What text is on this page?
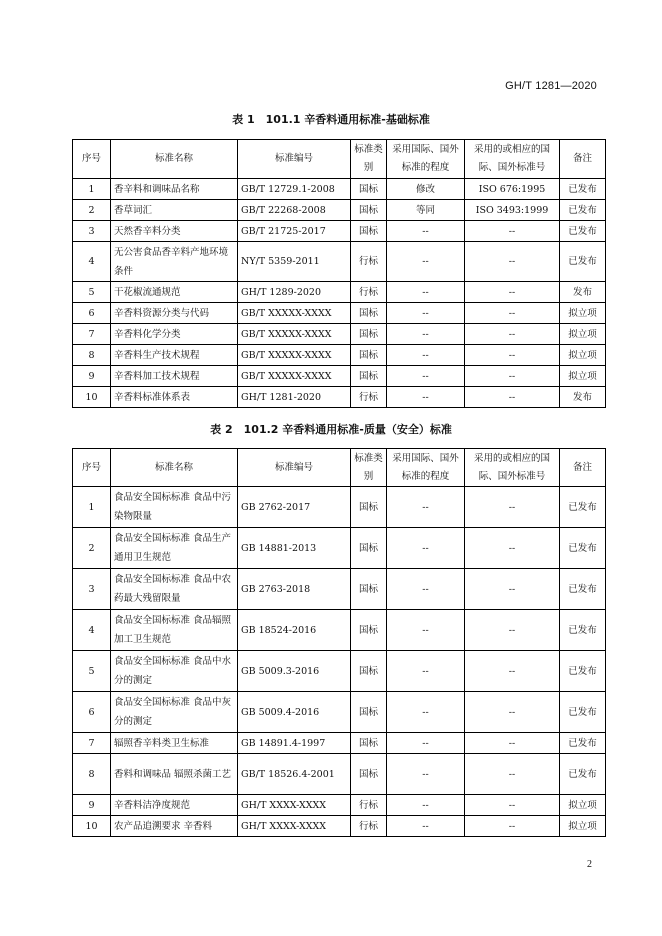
GH/T 1281—2020
表 1　101.1 辛香料通用标准-基础标准
序号	标准名称	标准编号	标准类别	采用国际、国外标准的程度	采用的或相应的国际、国外标准号	备注
1	香辛料和调味品名称	GB/T 12729.1-2008	国标	修改	ISO 676:1995	已发布
2	香草词汇	GB/T 22268-2008	国标	等同	ISO 3493:1999	已发布
3	天然香辛料分类	GB/T 21725-2017	国标	--	--	已发布
4	无公害食品香辛料产地环境条件	NY/T 5359-2011	行标	--	--	已发布
5	干花椒流通规范	GH/T 1289-2020	行标	--	--	发布
6	辛香料资源分类与代码	GB/T XXXXX-XXXX	国标	--	--	拟立项
7	辛香料化学分类	GB/T XXXXX-XXXX	国标	--	--	拟立项
8	辛香料生产技术规程	GB/T XXXXX-XXXX	国标	--	--	拟立项
9	辛香料加工技术规程	GB/T XXXXX-XXXX	国标	--	--	拟立项
10	辛香料标准体系表	GH/T 1281-2020	行标	--	--	发布
表 2　101.2 辛香料通用标准-质量（安全）标准
序号	标准名称	标准编号	标准类别	采用国际、国外标准的程度	采用的或相应的国际、国外标准号	备注
1	食品安全国标标准 食品中污染物限量	GB 2762-2017	国标	--	--	已发布
2	食品安全国标标准 食品生产通用卫生规范	GB 14881-2013	国标	--	--	已发布
3	食品安全国标标准 食品中农药最大残留限量	GB 2763-2018	国标	--	--	已发布
4	食品安全国标标准 食品辐照加工卫生规范	GB 18524-2016	国标	--	--	已发布
5	食品安全国标标准 食品中水分的测定	GB 5009.3-2016	国标	--	--	已发布
6	食品安全国标标准 食品中灰分的测定	GB 5009.4-2016	国标	--	--	已发布
7	辐照香辛料类卫生标准	GB 14891.4-1997	国标	--	--	已发布
8	香料和调味品 辐照杀菌工艺	GB/T 18526.4-2001	国标	--	--	已发布
9	辛香料洁净度规范	GH/T XXXX-XXXX	行标	--	--	拟立项
10	农产品追溯要求 辛香料	GH/T XXXX-XXXX	行标	--	--	拟立项
2
